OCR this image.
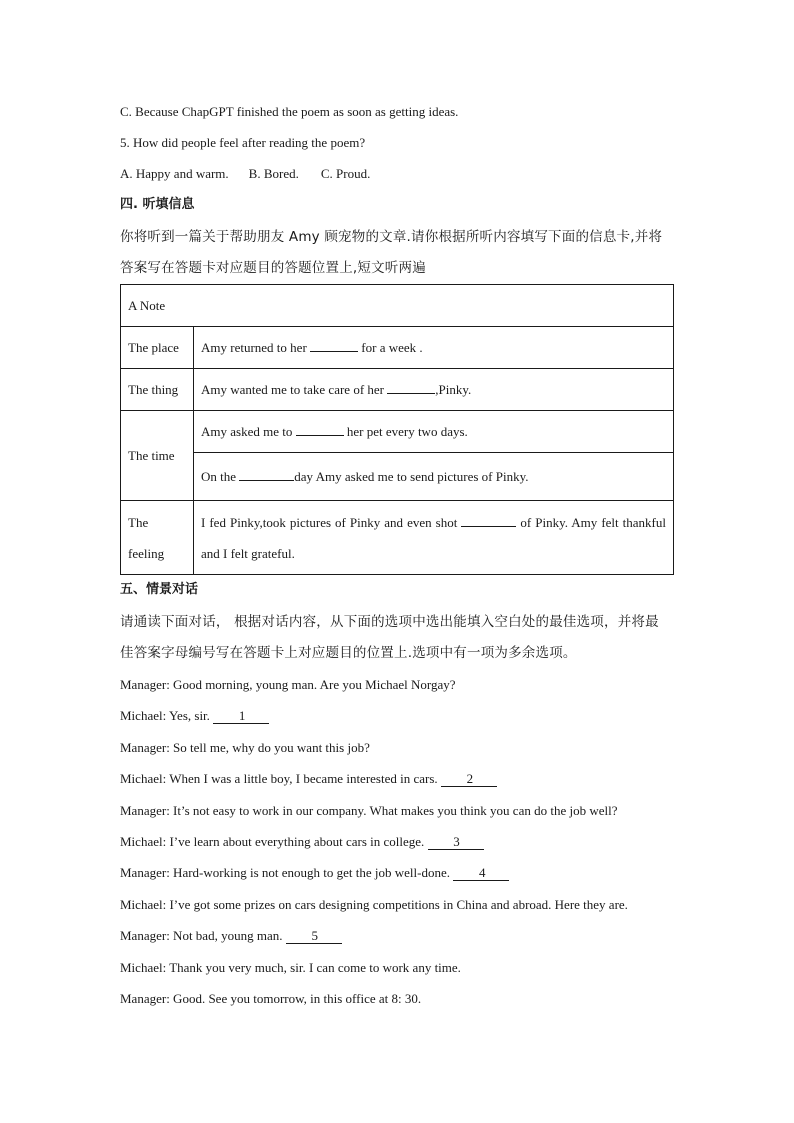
C. Because ChapGPT finished the poem as soon as getting ideas.
5. How did people feel after reading the poem?
A. Happy and warm. B. Bored. C. Proud.
四. 听填信息
你将听到一篇关于帮助朋友 Amy 顾宠物的文章.请你根据所听内容填写下面的信息卡,并将
答案写在答题卡对应题目的答题位置上,短文听两遍
A Note	
The place	Amy returned to her for a week .
The thing	Amy wanted me to take care of her ,Pinky.
The time	Amy asked me to her pet every two days.
	On the day Amy asked me to send pictures of Pinky.
The
feeling	I fed Pinky,took pictures of Pinky and even shot of Pinky. Amy felt thankful and I felt grateful.
五、情景对话
请通读下面对话， 根据对话内容，从下面的选项中选出能填入空白处的最佳选项，并将最
佳答案字母编号写在答题卡上对应题目的位置上.选项中有一项为多余选项。
Manager: Good morning, young man. Are you Michael Norgay?
Michael: Yes, sir. 1
Manager: So tell me, why do you want this job?
Michael: When I was a little boy, I became interested in cars. 2
Manager: It’s not easy to work in our company. What makes you think you can do the job well?
Michael: I’ve learn about everything about cars in college. 3
Manager: Hard-working is not enough to get the job well-done. 4
Michael: I’ve got some prizes on cars designing competitions in China and abroad. Here they are.
Manager: Not bad, young man. 5
Michael: Thank you very much, sir. I can come to work any time.
Manager: Good. See you tomorrow, in this office at 8: 30.
